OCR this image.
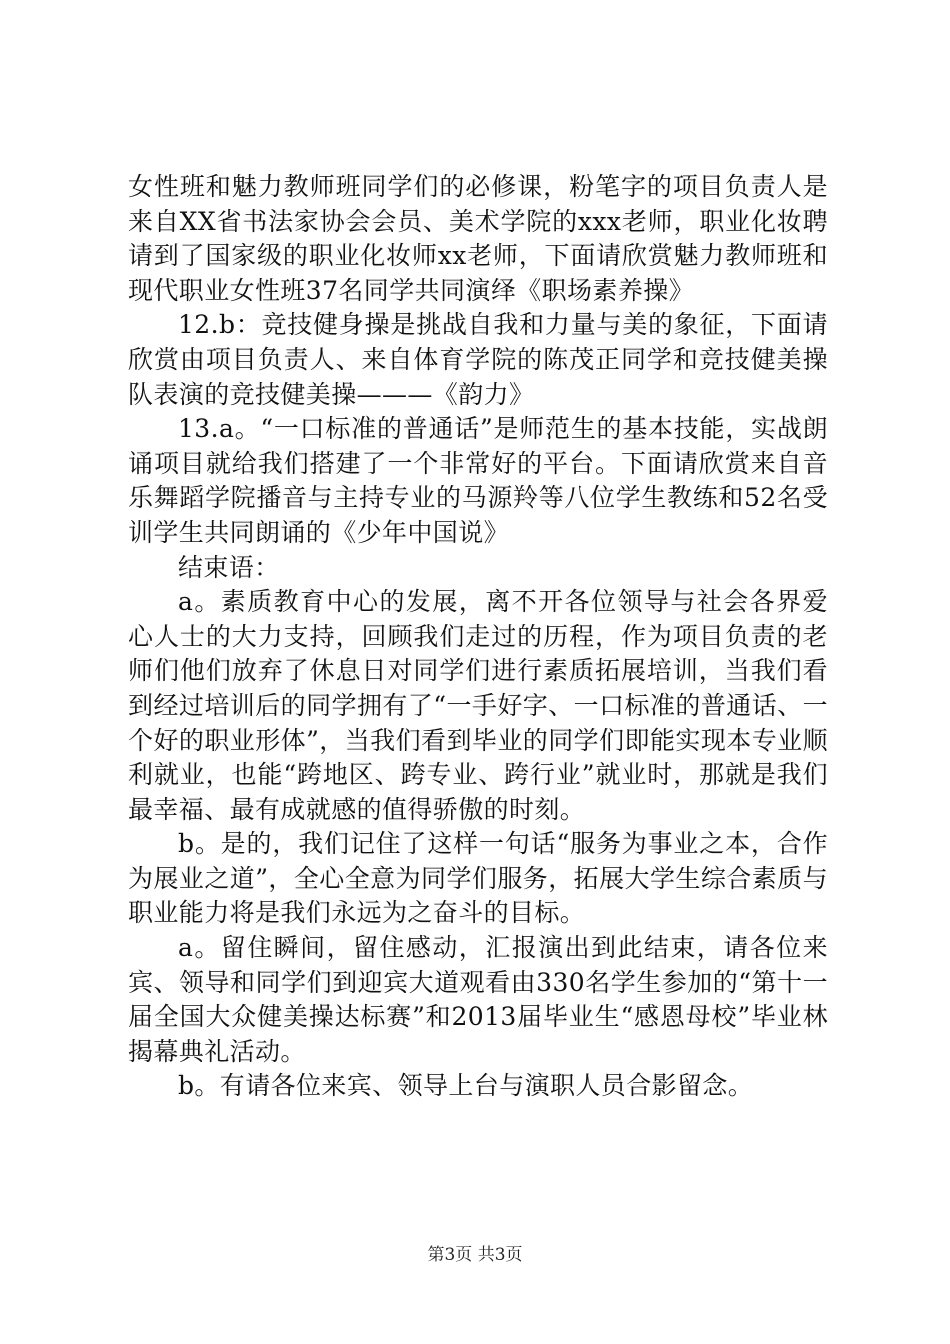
女性班和魅力教师班同学们的必修课，粉笔字的项目负责人是来自XX省书法家协会会员、美术学院的xxx老师，职业化妆聘请到了国家级的职业化妆师xx老师，下面请欣赏魅力教师班和现代职业女性班37名同学共同演绎《职场素养操》

12.b：竞技健身操是挑战自我和力量与美的象征，下面请欣赏由项目负责人、来自体育学院的陈茂正同学和竞技健美操队表演的竞技健美操———《韵力》

13.a。“一口标准的普通话”是师范生的基本技能，实战朗诵项目就给我们搭建了一个非常好的平台。下面请欣赏来自音乐舞蹈学院播音与主持专业的马源羚等八位学生教练和52名受训学生共同朗诵的《少年中国说》

结束语：

a。素质教育中心的发展，离不开各位领导与社会各界爱心人士的大力支持，回顾我们走过的历程，作为项目负责的老师们他们放弃了休息日对同学们进行素质拓展培训，当我们看到经过培训后的同学拥有了“一手好字、一口标准的普通话、一个好的职业形体”，当我们看到毕业的同学们即能实现本专业顺利就业，也能“跨地区、跨专业、跨行业”就业时，那就是我们最幸福、最有成就感的值得骄傲的时刻。

b。是的，我们记住了这样一句话“服务为事业之本，合作为展业之道”，全心全意为同学们服务，拓展大学生综合素质与职业能力将是我们永远为之奋斗的目标。

a。留住瞬间，留住感动，汇报演出到此结束，请各位来宾、领导和同学们到迎宾大道观看由330名学生参加的“第十一届全国大众健美操达标赛”和2013届毕业生“感恩母校”毕业林揭幕典礼活动。

b。有请各位来宾、领导上台与演职人员合影留念。

第3页 共3页
